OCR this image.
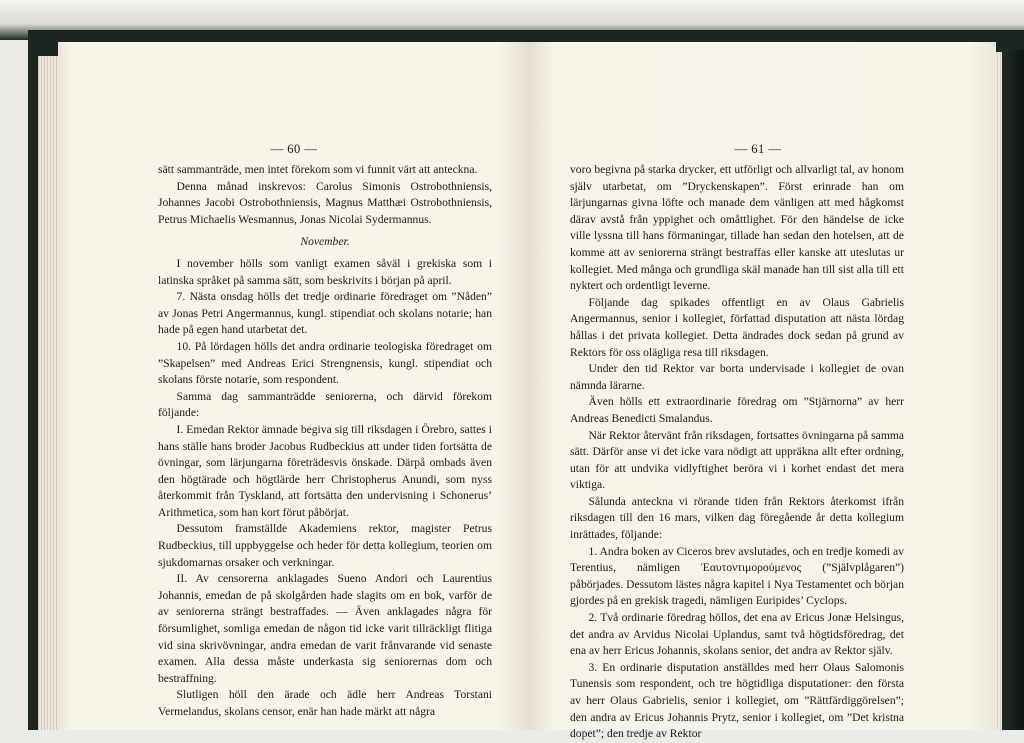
— 60 —

sätt sammanträde, men intet förekom som vi funnit värt att anteckna.

Denna månad inskrevos: Carolus Simonis Ostrobothniensis, Johannes Jacobi Ostrobothniensis, Magnus Matthæi Ostrobothniensis, Petrus Michaelis Wesmannus, Jonas Nicolai Sydermannus.

November.

I november hölls som vanligt examen såväl i grekiska som i latinska språket på samma sätt, som beskrivits i början på april.

7. Nästa onsdag hölls det tredje ordinarie föredraget om ”Nåden” av Jonas Petri Angermannus, kungl. stipendiat och skolans notarie; han hade på egen hand utarbetat det.

10. På lördagen hölls det andra ordinarie teologiska föredraget om ”Skapelsen” med Andreas Erici Strengnensis, kungl. stipendiat och skolans förste notarie, som respondent.

Samma dag sammanträdde seniorerna, och därvid förekom följande:

I. Emedan Rektor ämnade begiva sig till riksdagen i Örebro, sattes i hans ställe hans broder Jacobus Rudbeckius att under tiden fortsätta de övningar, som lärjungarna företrädesvis önskade. Därpå ombads även den högtärade och högtlärde herr Christopherus Anundi, som nyss återkommit från Tyskland, att fortsätta den undervisning i Schonerus’ Arithmetica, som han kort förut påbörjat.

Dessutom framställde Akademiens rektor, magister Petrus Rudbeckius, till uppbyggelse och heder för detta kollegium, teorien om sjukdomarnas orsaker och verkningar.

II. Av censorerna anklagades Sueno Andori och Laurentius Johannis, emedan de på skolgården hade slagits om en bok, varför de av seniorerna strängt bestraffades. — Även anklagades några för försumlighet, somliga emedan de någon tid icke varit tillräckligt flitiga vid sina skrivövningar, andra emedan de varit frånvarande vid senaste examen. Alla dessa måste underkasta sig seniorernas dom och bestraffning.

Slutligen höll den ärade och ädle herr Andreas Torstani Vermelandus, skolans censor, enär han hade märkt att några

— 61 —

voro begivna på starka drycker, ett utförligt och allvarligt tal, av honom själv utarbetat, om ”Dryckenskapen”. Först erinrade han om lärjungarnas givna löfte och manade dem vänligen att med hågkomst därav avstå från yppighet och omåttlighet. För den händelse de ickе ville lyssna till hans förmaningar, tillade han sedan den hotelsen, att de komme att av seniorerna strängt bestraffas eller kanske att uteslutas ur kollegiet. Med många och grundliga skäl manade han till sist alla till ett nyktert och ordentligt leverne.

Följande dag spikades offentligt en av Olaus Gabrielis Angermannus, senior i kollegiet, författad disputation att nästa lördag hållas i det privata kollegiet. Detta ändrades dock sedan på grund av Rektors för oss olägliga resa till riksdagen.

Under den tid Rektor var borta undervisade i kollegiet de ovan nämnda lärarne.

Även hölls ett extraordinarie föredrag om ”Stjärnorna” av herr Andreas Benedicti Smalandus.

När Rektor återvänt från riksdagen, fortsattes övningarna på samma sätt. Därför anse vi det icke vara nödigt att uppräkna allt efter ordning, utan för att undvika vidlyftighet beröra vi i korhet endast det mera viktiga.

Sålunda anteckna vi rörande tiden från Rektors återkomst ifrån riksdagen till den 16 mars, vilken dag föregående år detta kollegium inrättades, följande:

1. Andra boken av Ciceros brev avslutades, och en tredje komedi av Terentius, nämligen Ἑαυτοντιμορούμενος (”Självplågaren”) påbörjades. Dessutom lästes några kapitel i Nya Testamentet och början gjordes på en grekisk tragedi, nämligen Euripides’ Cyclops.

2. Två ordinarie föredrag höllos, det ena av Ericus Jonæ Helsingus, det andra av Arvidus Nicolai Uplandus, samt två högtidsföredrag, det ena av herr Ericus Johannis, skolans senior, det andra av Rektor själv.

3. En ordinarie disputation anställdes med herr Olaus Salomonis Tunensis som respondent, och tre högtidliga disputationer: den första av herr Olaus Gabrielis, senior i kollegiet, om ”Rättfärdiggörelsen”; den andra av Ericus Johannis Prytz, senior i kollegiet, om ”Det kristna dopet”; den tredje av Rektor
